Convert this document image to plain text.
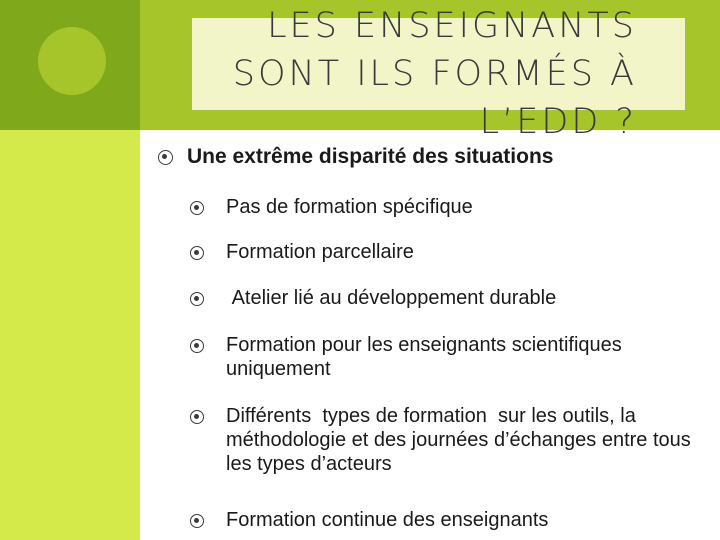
LES ENSEIGNANTS
SONT ILS FORMÉS À
L’EDD ?
Une extrême disparité des situations
Pas de formation spécifique
Formation parcellaire
Atelier lié au développement durable
Formation pour les enseignants scientifiques uniquement
Différents  types de formation  sur les outils, la méthodologie et des journées d’échanges entre tous les types d’acteurs
Formation continue des enseignants
